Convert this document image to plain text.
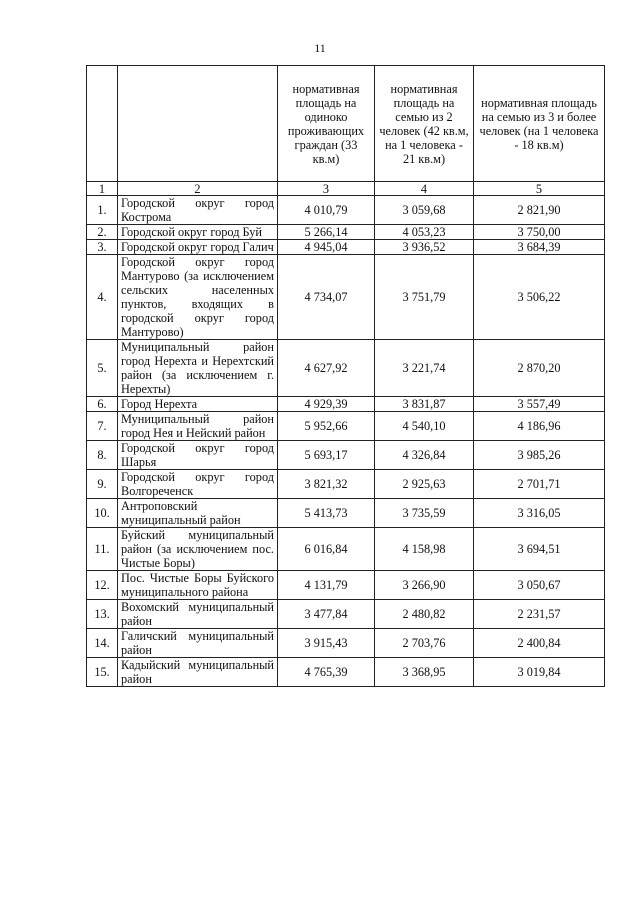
11
		нормативная площадь на одиноко проживающих граждан (33 кв.м)	нормативная площадь на семью из 2 человек (42 кв.м, на 1 человека - 21 кв.м)	нормативная площадь на семью из 3 и более человек (на 1 человека - 18 кв.м)
1	2	3	4	5
1.	Городской округ город Кострома	4 010,79	3 059,68	2 821,90
2.	Городской округ город Буй	5 266,14	4 053,23	3 750,00
3.	Городской округ город Галич	4 945,04	3 936,52	3 684,39
4.	Городской округ город Мантурово (за исключением сельских населенных пунктов, входящих в городской округ город Мантурово)	4 734,07	3 751,79	3 506,22
5.	Муниципальный район город Нерехта и Нерехтский район (за исключением г. Нерехты)	4 627,92	3 221,74	2 870,20
6.	Город Нерехта	4 929,39	3 831,87	3 557,49
7.	Муниципальный район город Нея и Нейский район	5 952,66	4 540,10	4 186,96
8.	Городской округ город Шарья	5 693,17	4 326,84	3 985,26
9.	Городской округ город Волгореченск	3 821,32	2 925,63	2 701,71
10.	Антроповский муниципальный район	5 413,73	3 735,59	3 316,05
11.	Буйский муниципальный район (за исключением пос. Чистые Боры)	6 016,84	4 158,98	3 694,51
12.	Пос. Чистые Боры Буйского муниципального района	4 131,79	3 266,90	3 050,67
13.	Вохомский муниципальный район	3 477,84	2 480,82	2 231,57
14.	Галичский муниципальный район	3 915,43	2 703,76	2 400,84
15.	Кадыйский муниципальный район	4 765,39	3 368,95	3 019,84
